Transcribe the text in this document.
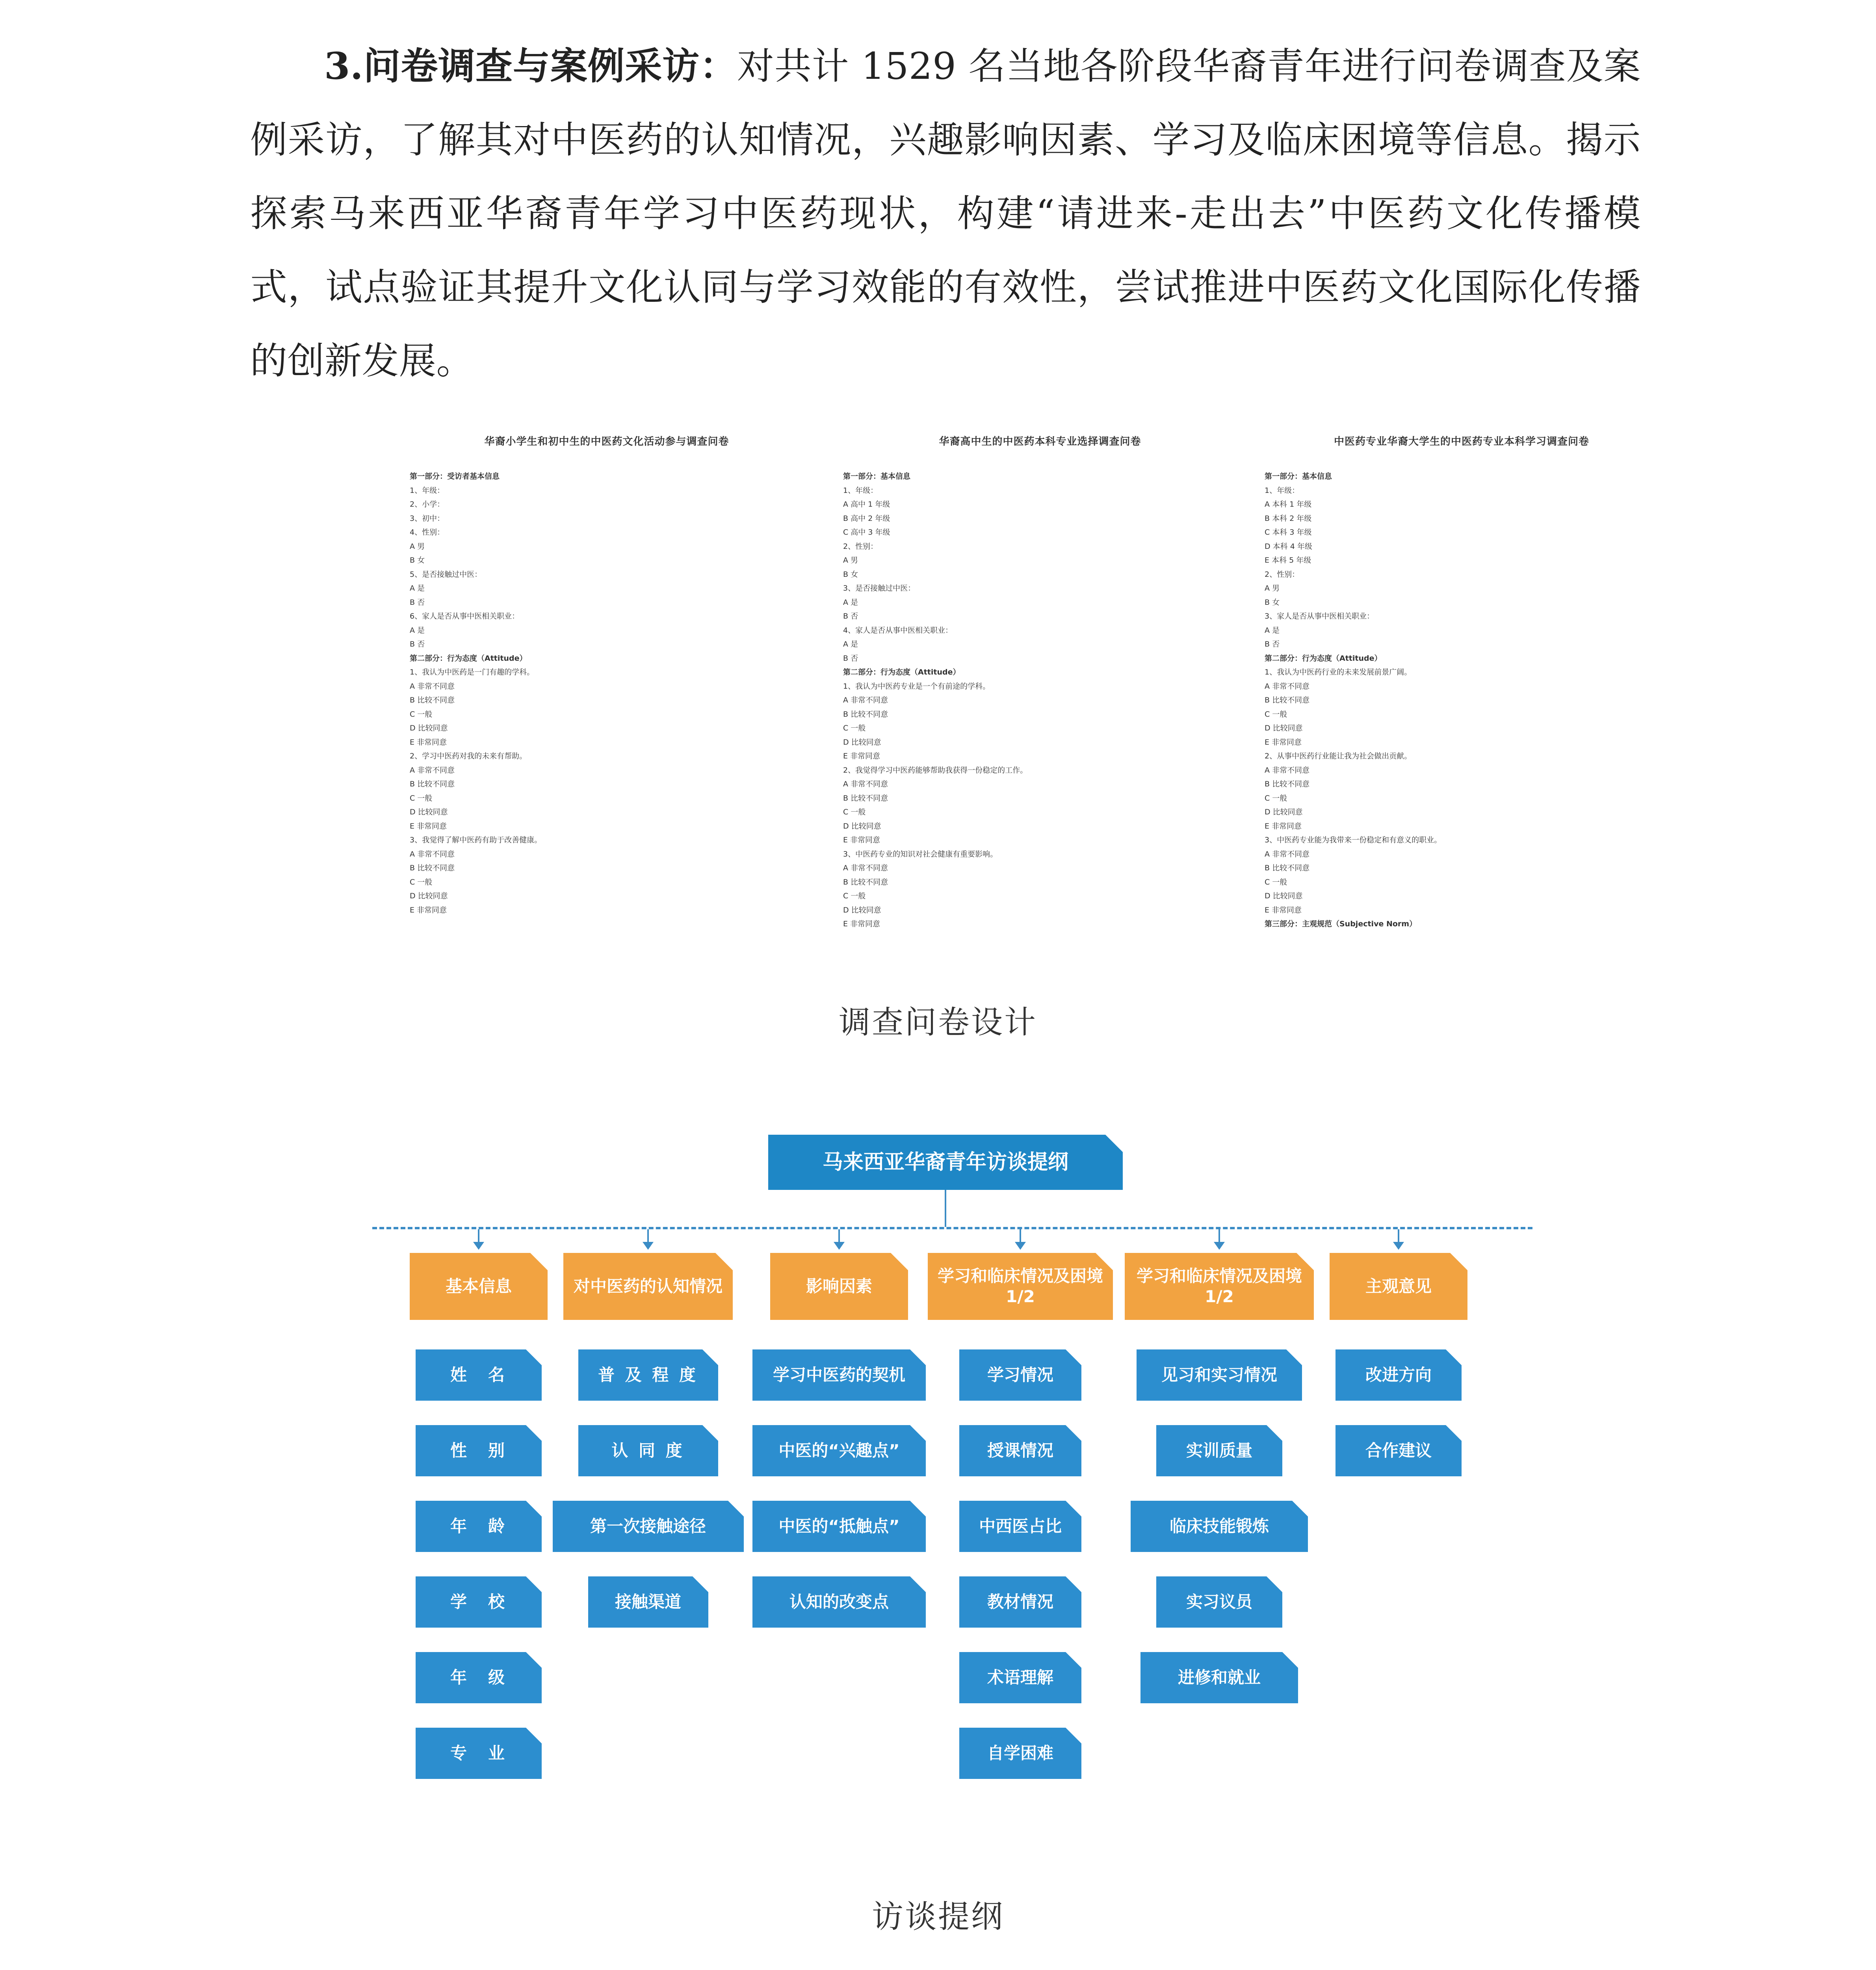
3.问卷调查与案例采访：对共计 1529 名当地各阶段华裔青年进行问卷调查及案例采访，了解其对中医药的认知情况，兴趣影响因素、学习及临床困境等信息。揭示探索马来西亚华裔青年学习中医药现状，构建“请进来-走出去”中医药文化传播模式，试点验证其提升文化认同与学习效能的有效性，尝试推进中医药文化国际化传播的创新发展。
华裔小学生和初中生的中医药文化活动参与调查问卷
第一部分：受访者基本信息
1、年级：
2、小学：
3、初中：
4、性别：
A 男
B 女
5、是否接触过中医：
A 是
B 否
6、家人是否从事中医相关职业：
A 是
B 否
第二部分：行为态度（Attitude）
1、我认为中医药是一门有趣的学科。
A 非常不同意
B 比较不同意
C 一般
D 比较同意
E 非常同意
2、学习中医药对我的未来有帮助。
A 非常不同意
B 比较不同意
C 一般
D 比较同意
E 非常同意
3、我觉得了解中医药有助于改善健康。
A 非常不同意
B 比较不同意
C 一般
D 比较同意
E 非常同意
华裔高中生的中医药本科专业选择调查问卷
第一部分：基本信息
1、年级：
A 高中 1 年级
B 高中 2 年级
C 高中 3 年级
2、性别：
A 男
B 女
3、是否接触过中医：
A 是
B 否
4、家人是否从事中医相关职业：
A 是
B 否
第二部分：行为态度（Attitude）
1、我认为中医药专业是一个有前途的学科。
A 非常不同意
B 比较不同意
C 一般
D 比较同意
E 非常同意
2、我觉得学习中医药能够帮助我获得一份稳定的工作。
A 非常不同意
B 比较不同意
C 一般
D 比较同意
E 非常同意
3、中医药专业的知识对社会健康有重要影响。
A 非常不同意
B 比较不同意
C 一般
D 比较同意
E 非常同意
中医药专业华裔大学生的中医药专业本科学习调查问卷
第一部分：基本信息
1、年级：
A 本科 1 年级
B 本科 2 年级
C 本科 3 年级
D 本科 4 年级
E 本科 5 年级
2、性别：
A 男
B 女
3、家人是否从事中医相关职业：
A 是
B 否
第二部分：行为态度（Attitude）
1、我认为中医药行业的未来发展前景广阔。
A 非常不同意
B 比较不同意
C 一般
D 比较同意
E 非常同意
2、从事中医药行业能让我为社会做出贡献。
A 非常不同意
B 比较不同意
C 一般
D 比较同意
E 非常同意
3、中医药专业能为我带来一份稳定和有意义的职业。
A 非常不同意
B 比较不同意
C 一般
D 比较同意
E 非常同意
第三部分：主观规范（Subjective Norm）
调查问卷设计
马来西亚华裔青年访谈提纲
基本信息
姓　名
性　别
年　龄
学　校
年　级
专　业
对中医药的认知情况
普 及 程 度
认 同 度
第一次接触途径
接触渠道
影响因素
学习中医药的契机
中医的“兴趣点”
中医的“抵触点”
认知的改变点
学习和临床情况及困境1/2
学习情况
授课情况
中西医占比
教材情况
术语理解
自学困难
学习和临床情况及困境1/2
见习和实习情况
实训质量
临床技能锻炼
实习议员
进修和就业
主观意见
改进方向
合作建议
访谈提纲
